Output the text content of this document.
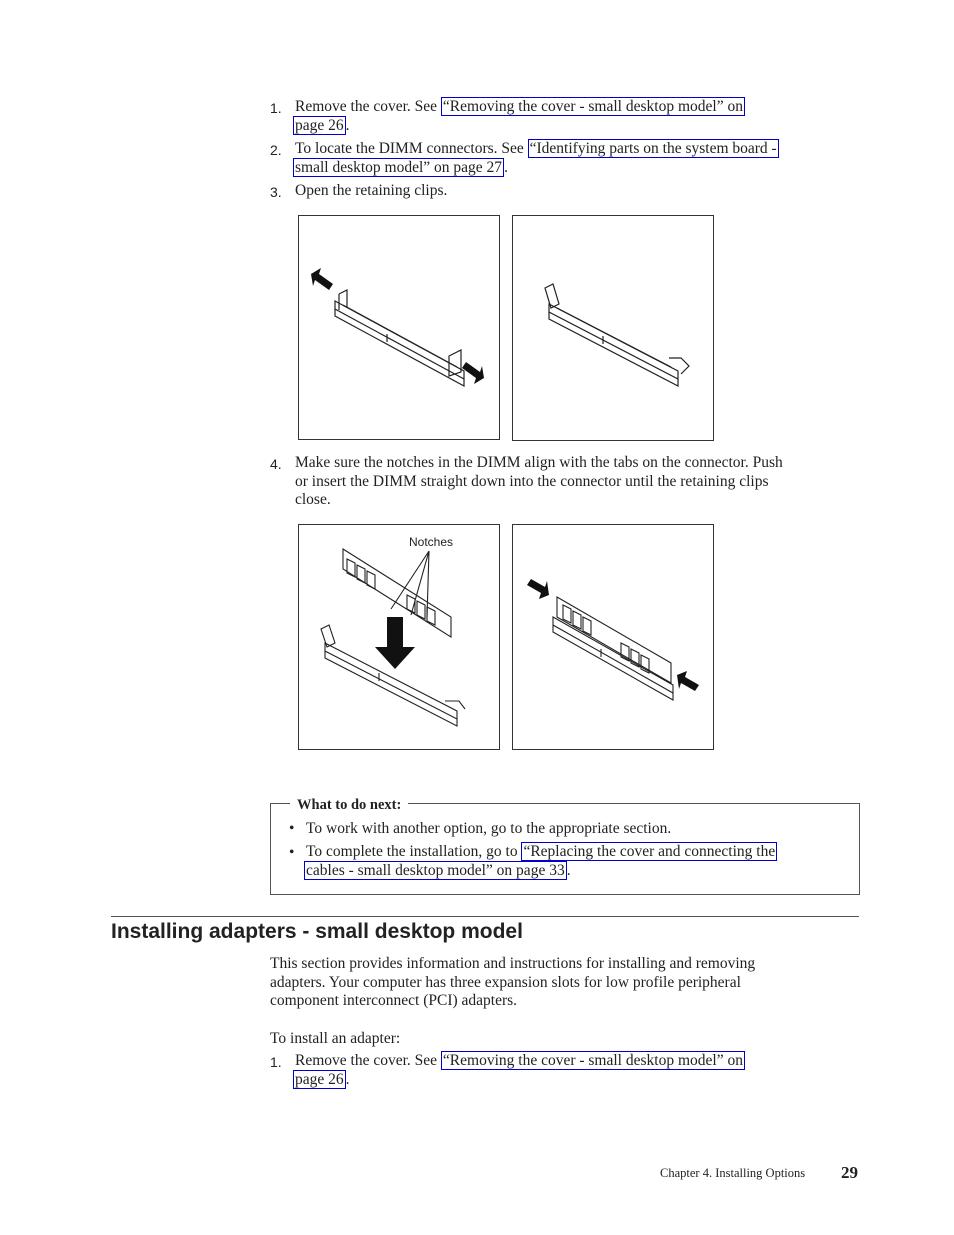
1. Remove the cover. See “Removing the cover - small desktop model” on
page 26 .
2. To locate the DIMM connectors. See “Identifying parts on the system board -
small desktop model” on page 27 .
3. Open the retaining clips.
4. Make sure the notches in the DIMM align with the tabs on the connector. Push
or insert the DIMM straight down into the connector until the retaining clips
close.
Notches
What to do next:
• To work with another option, go to the appropriate section.
• To complete the installation, go to “Replacing the cover and connecting the
cables - small desktop model” on page 33 .
Installing adapters - small desktop model
This section provides information and instructions for installing and removing
adapters. Your computer has three expansion slots for low profile peripheral
component interconnect (PCI) adapters.
To install an adapter:
1. Remove the cover. See “Removing the cover - small desktop model” on
page 26 .
Chapter 4. Installing Options 29
